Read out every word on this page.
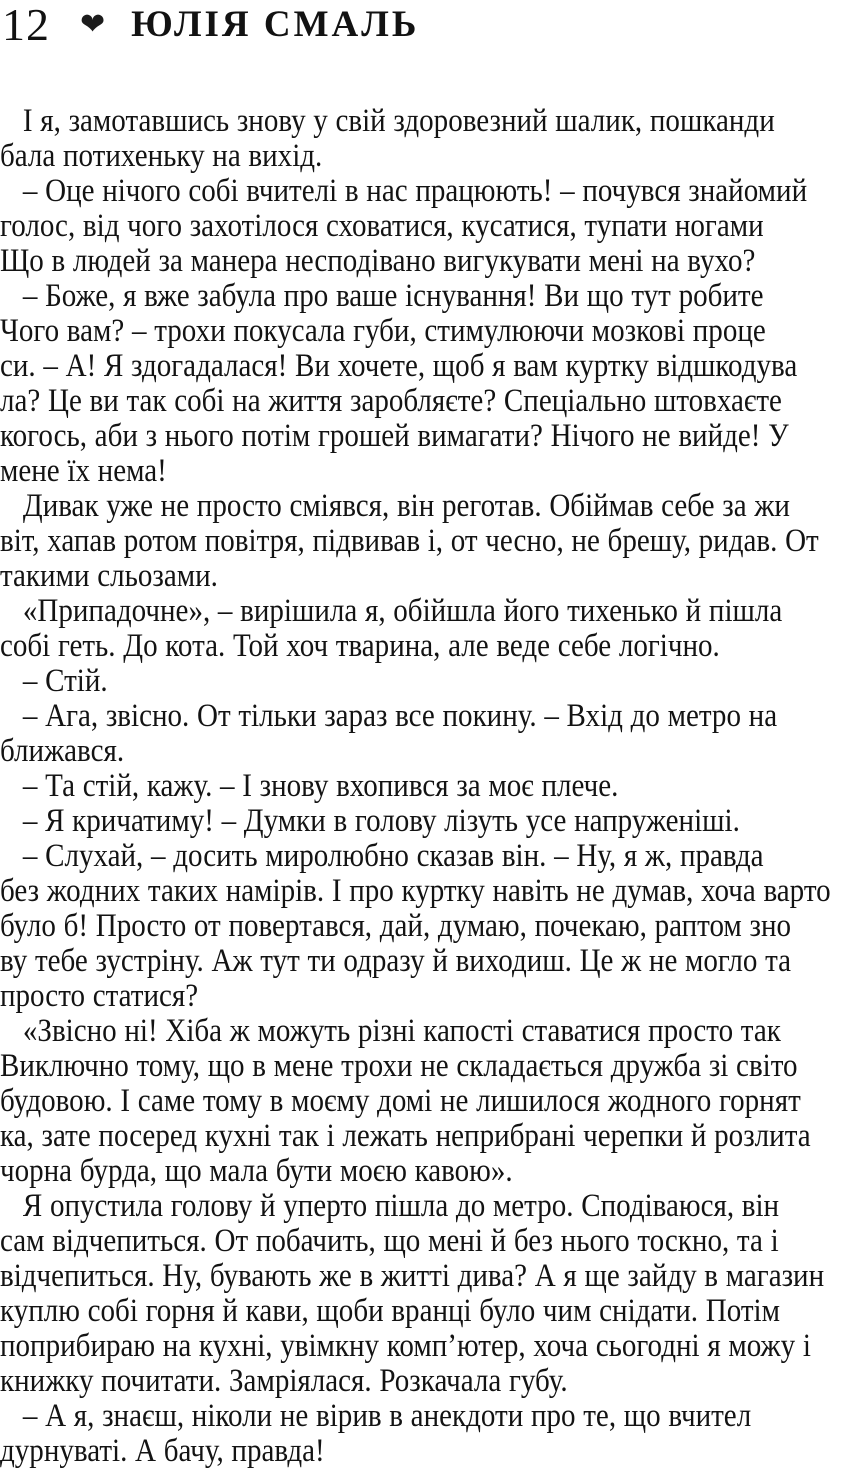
12 ❤ ЮЛІЯ СМАЛЬ
І я, замотавшись знову у свій здоровезний шалик, пошканди
бала потихеньку на вихід.
– Оце нічого собі вчителі в нас працюють! – почувся знайомий
голос, від чого захотілося сховатися, кусатися, тупати ногами
Що в людей за манера несподівано вигукувати мені на вухо?
– Боже, я вже забула про ваше існування! Ви що тут робите
Чого вам? – трохи покусала губи, стимулюючи мозкові проце
си. – А! Я здогадалася! Ви хочете, щоб я вам куртку відшкодува
ла? Це ви так собі на життя заробляєте? Спеціально штовхаєте
когось, аби з нього потім грошей вимагати? Нічого не вийде! У
мене їх нема!
Дивак уже не просто сміявся, він реготав. Обіймав себе за жи
віт, хапав ротом повітря, підвивав і, от чесно, не брешу, ридав. От
такими сльозами.
«Припадочне», – вирішила я, обійшла його тихенько й пішла
собі геть. До кота. Той хоч тварина, але веде себе логічно.
– Стій.
– Ага, звісно. От тільки зараз все покину. – Вхід до метро на
ближався.
– Та стій, кажу. – І знову вхопився за моє плече.
– Я кричатиму! – Думки в голову лізуть усе напруженіші.
– Слухай, – досить миролюбно сказав він. – Ну, я ж, правда
без жодних таких намірів. І про куртку навіть не думав, хоча варто
було б! Просто от повертався, дай, думаю, почекаю, раптом зно
ву тебе зустріну. Аж тут ти одразу й виходиш. Це ж не могло та
просто статися?
«Звісно ні! Хіба ж можуть різні капості ставатися просто так
Виключно тому, що в мене трохи не складається дружба зі світо
будовою. І саме тому в моєму домі не лишилося жодного горнят
ка, зате посеред кухні так і лежать неприбрані черепки й розлита
чорна бурда, що мала бути моєю кавою».
Я опустила голову й уперто пішла до метро. Сподіваюся, він
сам відчепиться. От побачить, що мені й без нього тоскно, та і
відчепиться. Ну, бувають же в житті дива? А я ще зайду в магазин
куплю собі горня й кави, щоби вранці було чим снідати. Потім
поприбираю на кухні, увімкну комп’ютер, хоча сьогодні я можу і
книжку почитати. Замріялася. Розкачала губу.
– А я, знаєш, ніколи не вірив в анекдоти про те, що вчител
дурнуваті. А бачу, правда!
